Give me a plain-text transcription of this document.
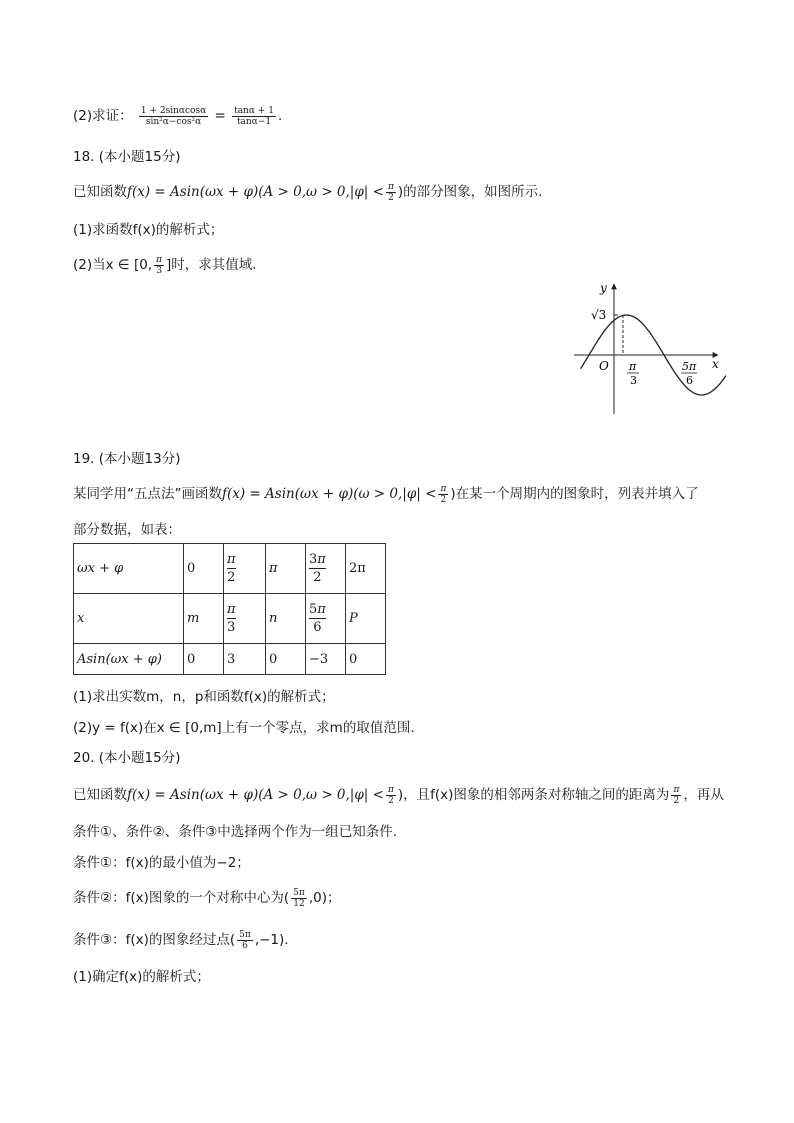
(2)求证： $\frac{1 + 2\sin\alpha\cos\alpha}{\text{sin²α−cos²α}} = \frac{\tan\alpha + 1}{\tan\alpha-1}$ .
18. (本小题15分)
已知函数$f(x) = Asin(\omega x + \varphi)(A > 0,\omega > 0,|\varphi| < \frac{\pi}{2}$ )的部分图象，如图所示.
(1)求函数f(x)的解析式；
(2)当x ∈ [0, $\frac{\pi}{3}$ ]时，求其值域.
y
x
O
√3
π
3
5π
6
19. (本小题13分)
某同学用“五点法”画函数$f(x) = Asin(\omega x + \varphi)(\omega > 0,|\varphi| < \frac{\pi}{2}$ )在某一个周期内的图象时，列表并填入了
部分数据，如表：
ωx + φ	0	$\frac{\pi}{2}$	π	$\frac{3\pi}{2}$	2π
x	m	$\frac{\pi}{3}$	n	$\frac{5\pi}{6}$	P
Asin(ωx + φ)	0	3	0	−3	0
(1)求出实数m，n，p和函数f(x)的解析式；
(2)y = f(x)在x ∈ [0,m]上有一个零点，求m的取值范围.
20. (本小题15分)
已知函数$f(x) = Asin(\omega x + \varphi)(A > 0,\omega > 0,|\varphi| < \frac{\pi}{2}$ )，且f(x)图象的相邻两条对称轴之间的距离为 $\frac{\pi}{2}$ ，再从
条件①、条件②、条件③中选择两个作为一组已知条件.
条件①：f(x)的最小值为−2；
条件②：f(x)图象的一个对称中心为( $\frac{5\pi}{12} ,0$)；
条件③：f(x)的图象经过点( $\frac{5\pi}{6} ,-1$).
(1)确定f(x)的解析式；
